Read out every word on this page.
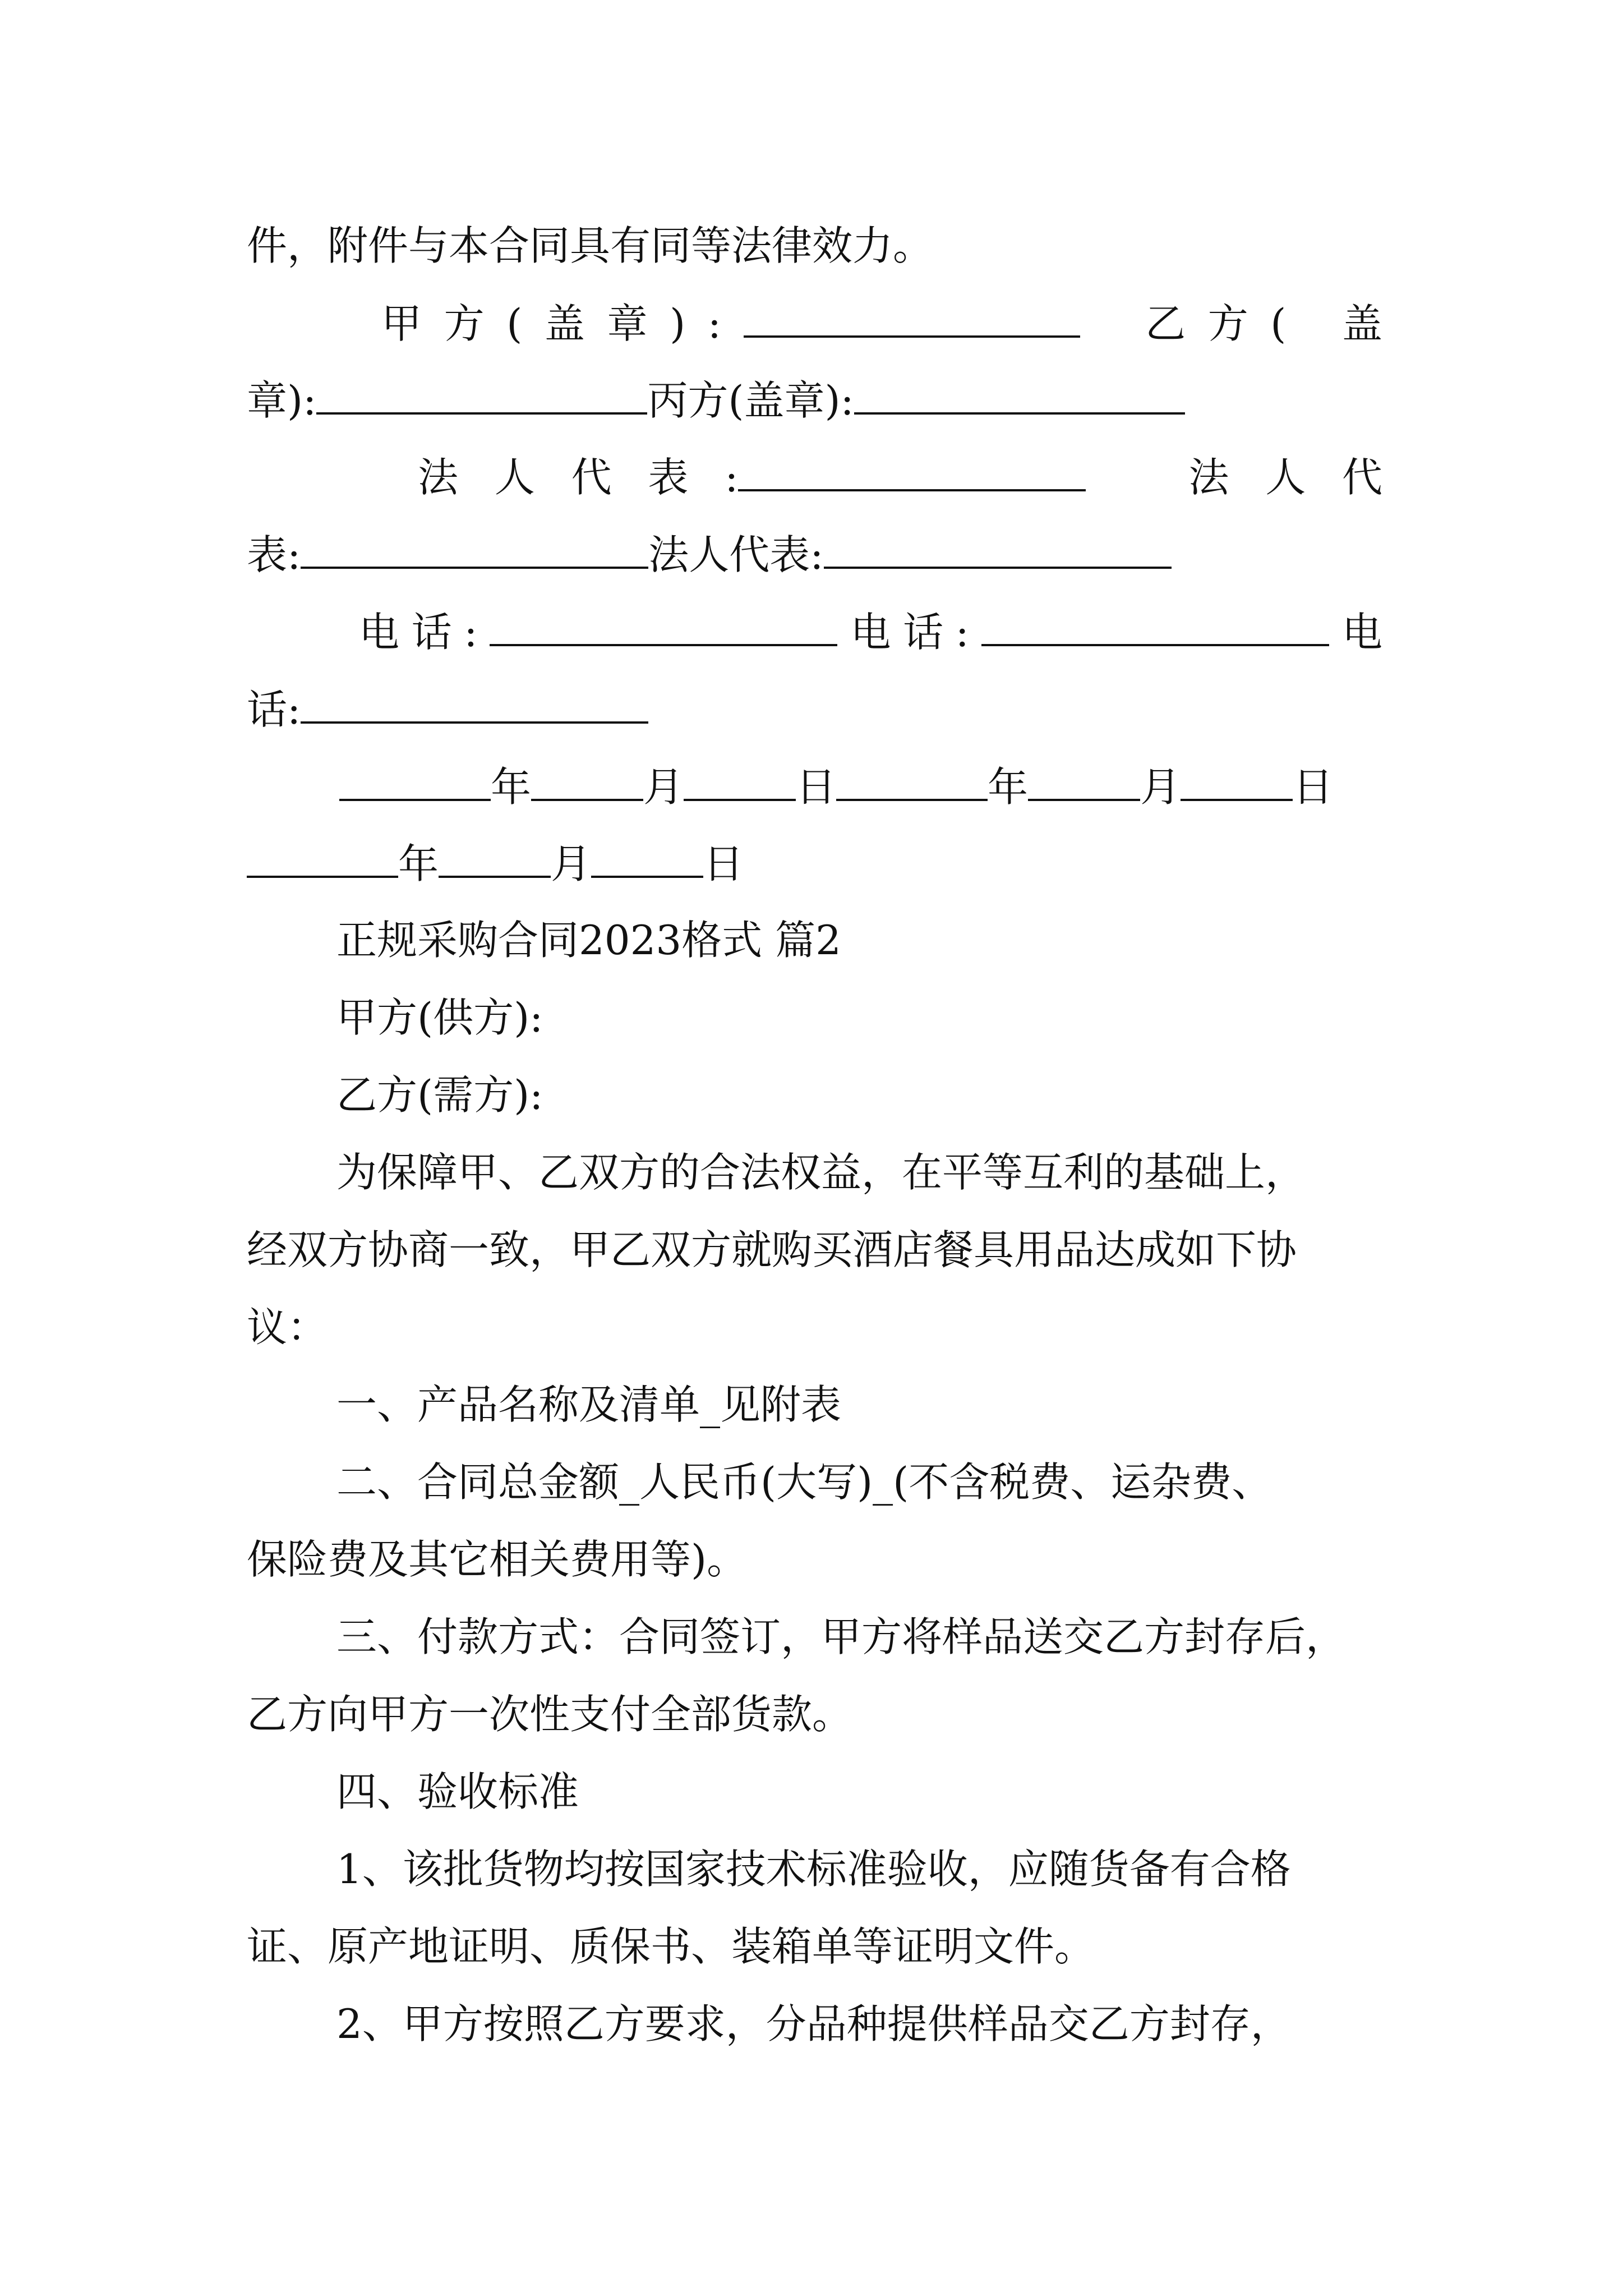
件，附件与本合同具有同等法律效力。
甲方(盖章):	乙方( 盖
章):	丙方(盖章):
法人代表 :	法人代
表:	法人代表:
电话:	电话:	电
话:
年	月	日	年	月	日
年	月	日
正规采购合同2023格式 篇2
甲方(供方):
乙方(需方):
为保障甲、乙双方的合法权益，在平等互利的基础上，
经双方协商一致，甲乙双方就购买酒店餐具用品达成如下协
议：
一、产品名称及清单_见附表
二、合同总金额_人民币(大写)_(不含税费、运杂费、
保险费及其它相关费用等)。
三、付款方式：合同签订，甲方将样品送交乙方封存后，
乙方向甲方一次性支付全部货款。
四、验收标准
1、该批货物均按国家技术标准验收，应随货备有合格
证、原产地证明、质保书、装箱单等证明文件。
2、甲方按照乙方要求，分品种提供样品交乙方封存，
